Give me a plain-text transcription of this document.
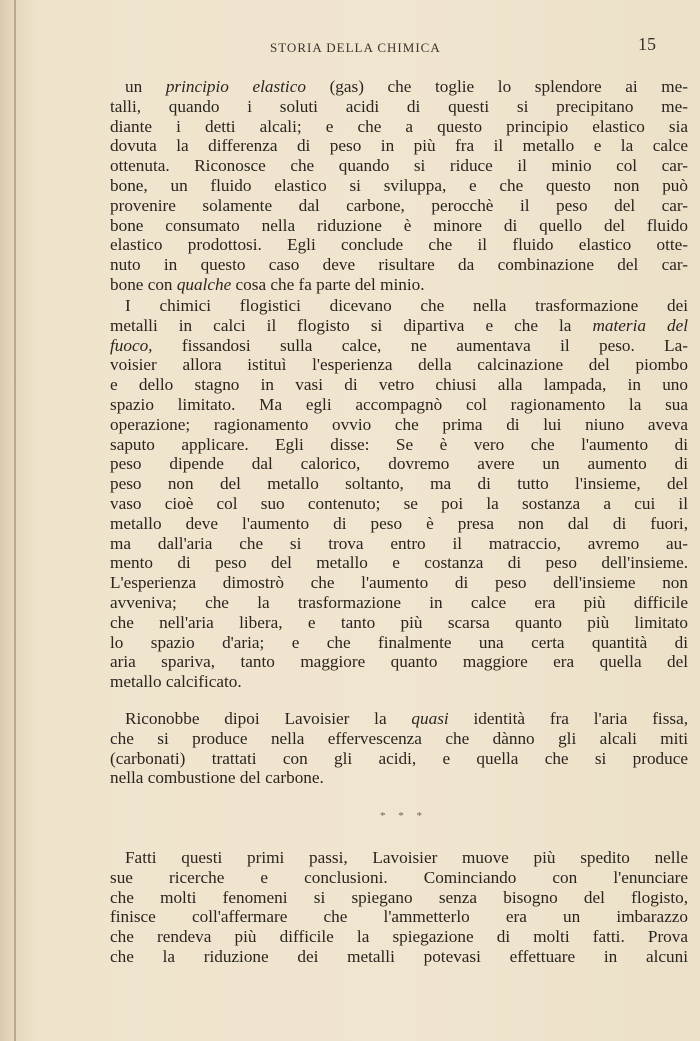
STORIA DELLA CHIMICA	15
un principio elastico (gas) che toglie lo splendore ai me-
talli, quando i soluti acidi di questi si precipitano me-
diante i detti alcali; e che a questo principio elastico sia
dovuta la differenza di peso in più fra il metallo e la calce
ottenuta. Riconosce che quando si riduce il minio col car-
bone, un fluido elastico si sviluppa, e che questo non può
provenire solamente dal carbone, perocchè il peso del car-
bone consumato nella riduzione è minore di quello del fluido
elastico prodottosi. Egli conclude che il fluido elastico otte-
nuto in questo caso deve risultare da combinazione del car-
bone con qualche cosa che fa parte del minio.
I chimici flogistici dicevano che nella trasformazione dei
metalli in calci il flogisto si dipartiva e che la materia del
fuoco, fissandosi sulla calce, ne aumentava il peso. La-
voisier allora istituì l'esperienza della calcinazione del piombo
e dello stagno in vasi di vetro chiusi alla lampada, in uno
spazio limitato. Ma egli accompagnò col ragionamento la sua
operazione; ragionamento ovvio che prima di lui niuno aveva
saputo applicare. Egli disse: Se è vero che l'aumento di
peso dipende dal calorico, dovremo avere un aumento di
peso non del metallo soltanto, ma di tutto l'insieme, del
vaso cioè col suo contenuto; se poi la sostanza a cui il
metallo deve l'aumento di peso è presa non dal di fuori,
ma dall'aria che si trova entro il matraccio, avremo au-
mento di peso del metallo e costanza di peso dell'insieme.
L'esperienza dimostrò che l'aumento di peso dell'insieme non
avveniva; che la trasformazione in calce era più difficile
che nell'aria libera, e tanto più scarsa quanto più limitato
lo spazio d'aria; e che finalmente una certa quantità di
aria spariva, tanto maggiore quanto maggiore era quella del
metallo calcificato.
Riconobbe dipoi Lavoisier la quasi identità fra l'aria fissa,
che si produce nella effervescenza che dànno gli alcali miti
(carbonati) trattati con gli acidi, e quella che si produce
nella combustione del carbone.
* * *
Fatti questi primi passi, Lavoisier muove più spedito nelle
sue ricerche e conclusioni. Cominciando con l'enunciare
che molti fenomeni si spiegano senza bisogno del flogisto,
finisce coll'affermare che l'ammetterlo era un imbarazzo
che rendeva più difficile la spiegazione di molti fatti. Prova
che la riduzione dei metalli potevasi effettuare in alcuni
